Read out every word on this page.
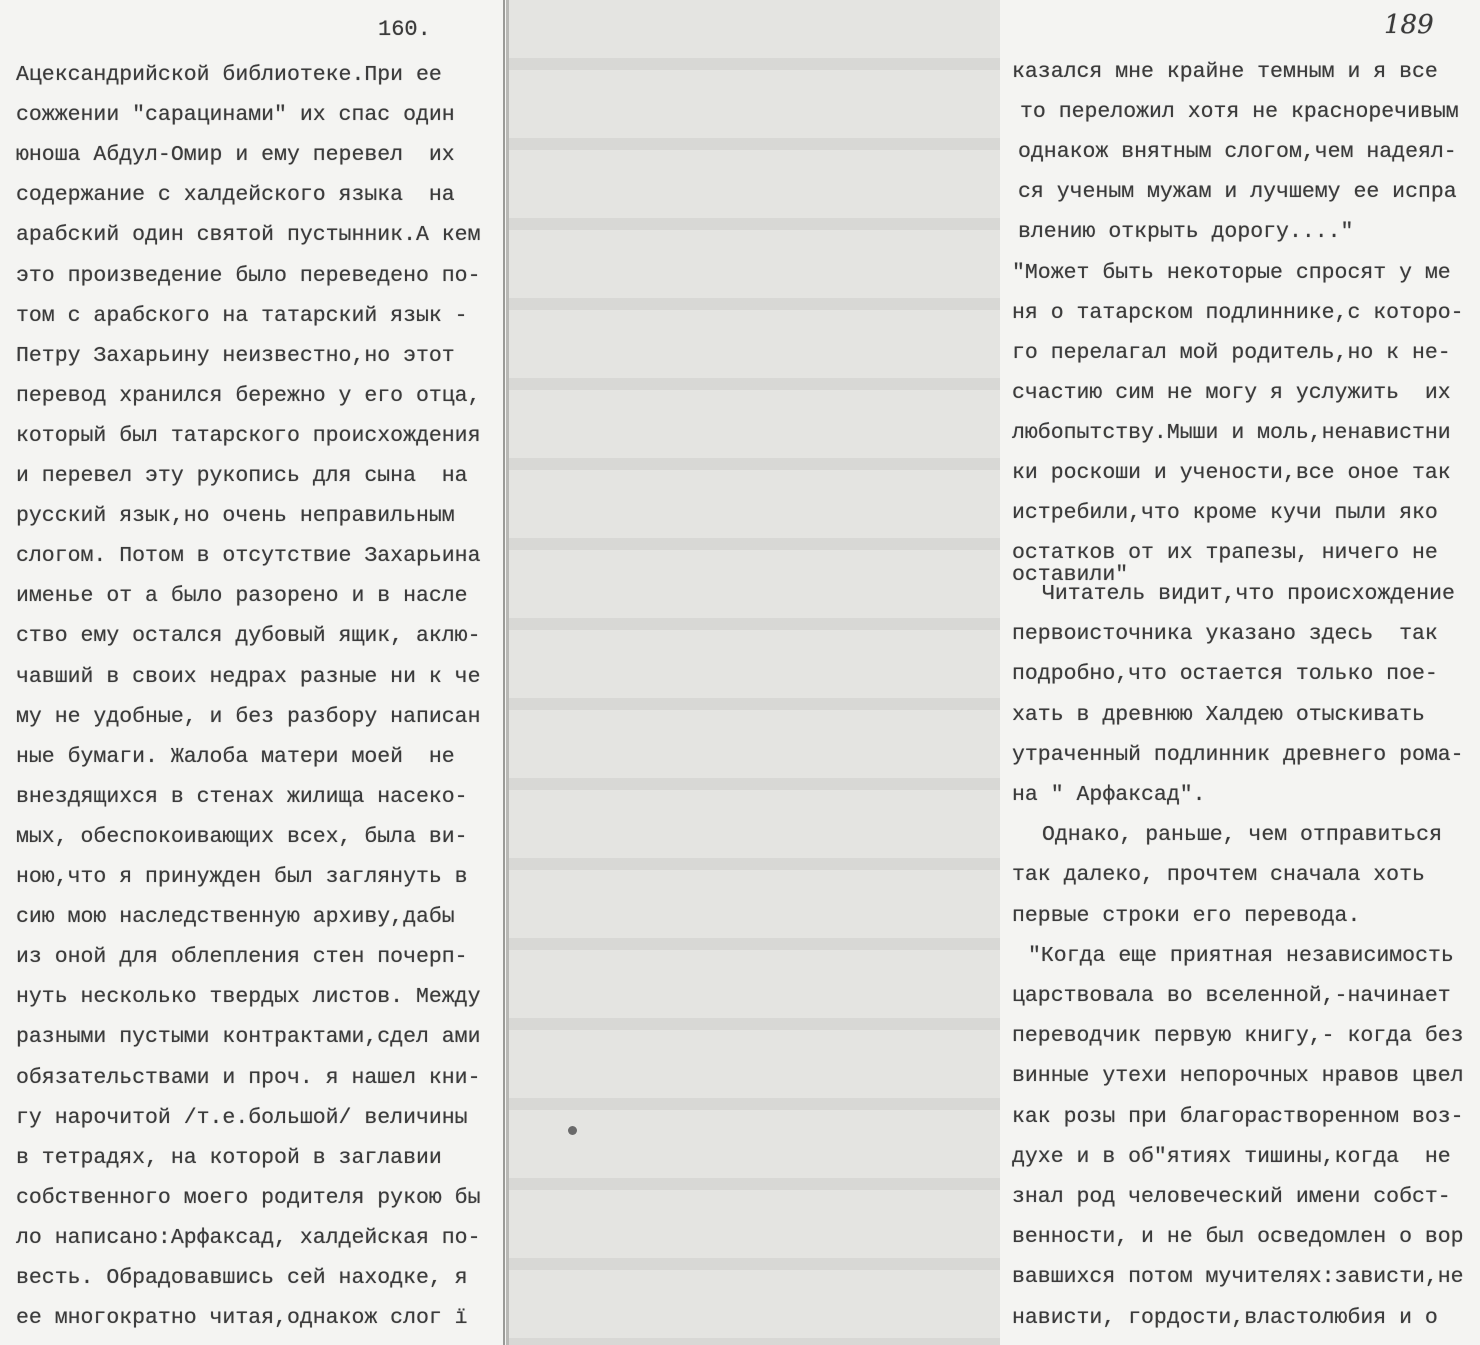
160.	189
Ацександрийской библиотеке.При ее
сожжении "сарацинами" их спас один
юноша Абдул-Омир и ему перевел  их
содержание с халдейского языка  на
арабский один святой пустынник.А кем
это произведение было переведено по-
том с арабского на татарский язык -
Петру Захарьину неизвестно,но этот
перевод хранился бережно у его отца,
который был татарского происхождения
и перевел эту рукопись для сына  на
русский язык,но очень неправильным
слогом. Потом в отсутствие Захарьина
именье от а было разорено и в насле
ство ему остался дубовый ящик, аклю-
чавший в своих недрах разные ни к че
му не удобные, и без разбору написан
ные бумаги. Жалоба матери моей  не
внездящихся в стенах жилища насеко-
мых, обеспокоивающих всех, была ви-
ною,что я принужден был заглянуть в
сию мою наследственную архиву,дабы
из оной для облепления стен почерп-
нуть несколько твердых листов. Между
разными пустыми контрактами,сдел ами
обязательствами и проч. я нашел кни-
гу нарочитой /т.е.большой/ величины
в тетрадях, на которой в заглавии
собственного моего родителя рукою бы
ло написано:Арфаксад, халдейская по-
весть. Обрадовавшись сей находке, я
ее многократно читая,однакож слог ї
казался мне крайне темным и я все
то переложил хотя не красноречивым
однакож внятным слогом,чем надеял-
ся ученым мужам и лучшему ее испра
влению открыть дорогу...."
"Может быть некоторые спросят у ме
ня о татарском подлиннике,с которо-
го перелагал мой родитель,но к не-
счастию сим не могу я услужить  их
любопытству.Мыши и моль,ненавистни
ки роскоши и учености,все оное так
истребили,что кроме кучи пыли яко
остатков от их трапезы, ничего не
оставили"
Читатель видит,что происхождение
первоисточника указано здесь  так
подробно,что остается только пое-
хать в древнюю Халдею отыскивать
утраченный подлинник древнего рома-
на " Арфаксад".
Однако, раньше, чем отправиться
так далеко, прочтем сначала хоть
первые строки его перевода.
"Когда еще приятная независимость
царствовала во вселенной,-начинает
переводчик первую книгу,- когда без
винные утехи непорочных нравов цвел
как розы при благорастворенном воз-
духе и в об"ятиях тишины,когда  не
знал род человеческий имени собст-
венности, и не был осведомлен о вор
вавшихся потом мучителях:зависти,не
нависти, гордости,властолюбия и о
